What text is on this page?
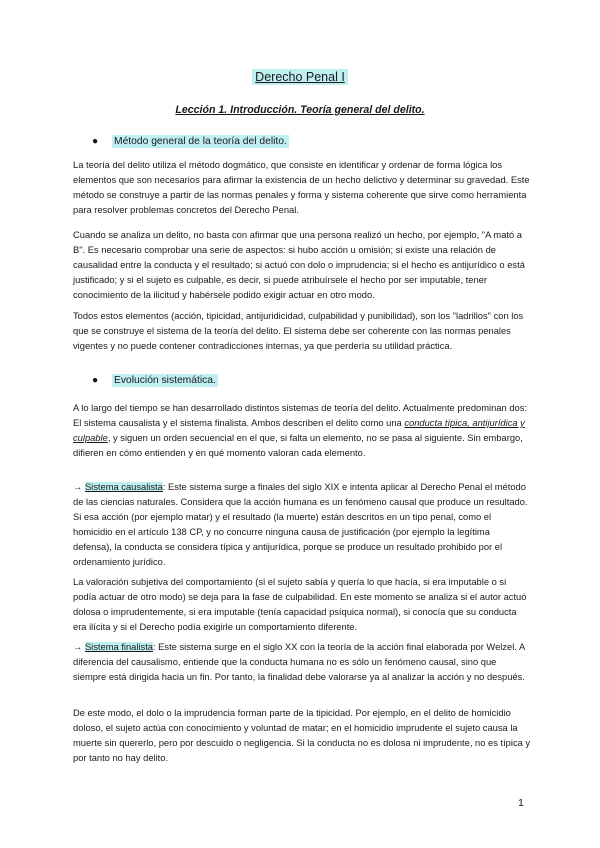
Derecho Penal I
Lección 1. Introducción. Teoría general del delito.
● Método general de la teoría del delito.

La teoría del delito utiliza el método dogmático, que consiste en identificar y ordenar de forma lógica los elementos que son necesarios para afirmar la existencia de un hecho delictivo y determinar su gravedad. Este método se construye a partir de las normas penales y forma y sistema coherente que sirve como herramienta para resolver problemas concretos del Derecho Penal.

Cuando se analiza un delito, no basta con afirmar que una persona realizó un hecho, por ejemplo, "A mató a B". Es necesario comprobar una serie de aspectos: si hubo acción u omisión; si existe una relación de causalidad entre la conducta y el resultado; si actuó con dolo o imprudencia; si el hecho es antijurídico o está justificado; y si el sujeto es culpable, es decir, si puede atribuírsele el hecho por ser imputable, tener conocimiento de la ilicitud y habérsele podido exigir actuar en otro modo.

Todos estos elementos (acción, tipicidad, antijuridicidad, culpabilidad y punibilidad), son los "ladrillos" con los que se construye el sistema de la teoría del delito. El sistema debe ser coherente con las normas penales vigentes y no puede contener contradicciones internas, ya que perdería su utilidad práctica.

● Evolución sistemática.

A lo largo del tiempo se han desarrollado distintos sistemas de teoría del delito. Actualmente predominan dos: El sistema causalista y el sistema finalista. Ambos describen el delito como una conducta típica, antijurídica y culpable, y siguen un orden secuencial en el que, si falta un elemento, no se pasa al siguiente. Sin embargo, difieren en cómo entienden y en qué momento valoran cada elemento.

→ Sistema causalista: Este sistema surge a finales del siglo XIX e intenta aplicar al Derecho Penal el método de las ciencias naturales. Considera que la acción humana es un fenómeno causal que produce un resultado. Si esa acción (por ejemplo matar) y el resultado (la muerte) están descritos en un tipo penal, como el homicidio en el artículo 138 CP, y no concurre ninguna causa de justificación (por ejemplo la legítima defensa), la conducta se considera típica y antijurídica, porque se produce un resultado prohibido por el ordenamiento jurídico.

La valoración subjetiva del comportamiento (si el sujeto sabía y quería lo que hacía, si era imputable o si podía actuar de otro modo) se deja para la fase de culpabilidad. En este momento se analiza si el autor actuó dolosa o imprudentemente, si era imputable (tenía capacidad psíquica normal), si conocía que su conducta era ilícita y si el Derecho podía exigirle un comportamiento diferente.

→ Sistema finalista: Este sistema surge en el siglo XX con la teoría de la acción final elaborada por Welzel. A diferencia del causalismo, entiende que la conducta humana no es sólo un fenómeno causal, sino que siempre está dirigida hacia un fin. Por tanto, la finalidad debe valorarse ya al analizar la acción y no después.

De este modo, el dolo o la imprudencia forman parte de la tipicidad. Por ejemplo, en el delito de homicidio doloso, el sujeto actúa con conocimiento y voluntad de matar; en el homicidio imprudente el sujeto causa la muerte sin quererlo, pero por descuido o negligencia. Si la conducta no es dolosa ni imprudente, no es típica y por tanto no hay delito.

1
